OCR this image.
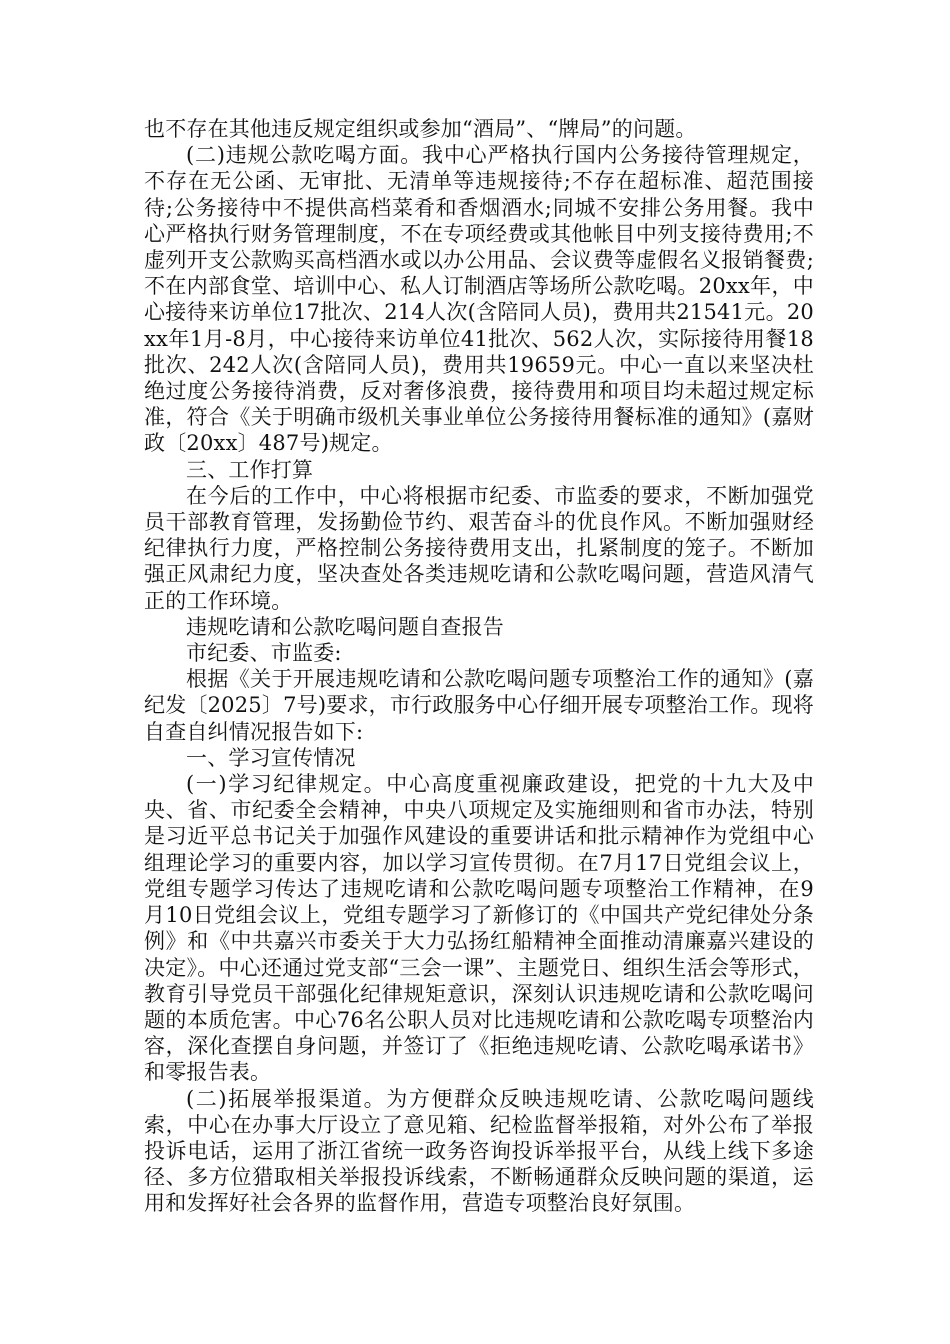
也不存在其他违反规定组织或参加“酒局”、“牌局”的问题。

(二)违规公款吃喝方面。我中心严格执行国内公务接待管理规定，不存在无公函、无审批、无清单等违规接待;不存在超标准、超范围接待;公务接待中不提供高档菜肴和香烟酒水;同城不安排公务用餐。我中心严格执行财务管理制度，不在专项经费或其他帐目中列支接待费用;不虚列开支公款购买高档酒水或以办公用品、会议费等虚假名义报销餐费;不在内部食堂、培训中心、私人订制酒店等场所公款吃喝。20xx年，中心接待来访单位17批次、214人次(含陪同人员)，费用共21541元。20xx年1月-8月，中心接待来访单位41批次、562人次，实际接待用餐18批次、242人次(含陪同人员)，费用共19659元。中心一直以来坚决杜绝过度公务接待消费，反对奢侈浪费，接待费用和项目均未超过规定标准，符合《关于明确市级机关事业单位公务接待用餐标准的通知》(嘉财政〔20xx〕487号)规定。

三、工作打算

在今后的工作中，中心将根据市纪委、市监委的要求，不断加强党员干部教育管理，发扬勤俭节约、艰苦奋斗的优良作风。不断加强财经纪律执行力度，严格控制公务接待费用支出，扎紧制度的笼子。不断加强正风肃纪力度，坚决查处各类违规吃请和公款吃喝问题，营造风清气正的工作环境。

违规吃请和公款吃喝问题自查报告

市纪委、市监委:

根据《关于开展违规吃请和公款吃喝问题专项整治工作的通知》(嘉纪发〔2025〕7号)要求，市行政服务中心仔细开展专项整治工作。现将自查自纠情况报告如下:

一、学习宣传情况

(一)学习纪律规定。中心高度重视廉政建设，把党的十九大及中央、省、市纪委全会精神，中央八项规定及实施细则和省市办法，特别是习近平总书记关于加强作风建设的重要讲话和批示精神作为党组中心组理论学习的重要内容，加以学习宣传贯彻。在7月17日党组会议上，党组专题学习传达了违规吃请和公款吃喝问题专项整治工作精神，在9月10日党组会议上，党组专题学习了新修订的《中国共产党纪律处分条例》和《中共嘉兴市委关于大力弘扬红船精神全面推动清廉嘉兴建设的决定》。中心还通过党支部“三会一课”、主题党日、组织生活会等形式，教育引导党员干部强化纪律规矩意识，深刻认识违规吃请和公款吃喝问题的本质危害。中心76名公职人员对比违规吃请和公款吃喝专项整治内容，深化查摆自身问题，并签订了《拒绝违规吃请、公款吃喝承诺书》和零报告表。

(二)拓展举报渠道。为方便群众反映违规吃请、公款吃喝问题线索，中心在办事大厅设立了意见箱、纪检监督举报箱，对外公布了举报投诉电话，运用了浙江省统一政务咨询投诉举报平台，从线上线下多途径、多方位猎取相关举报投诉线索，不断畅通群众反映问题的渠道，运用和发挥好社会各界的监督作用，营造专项整治良好氛围。
